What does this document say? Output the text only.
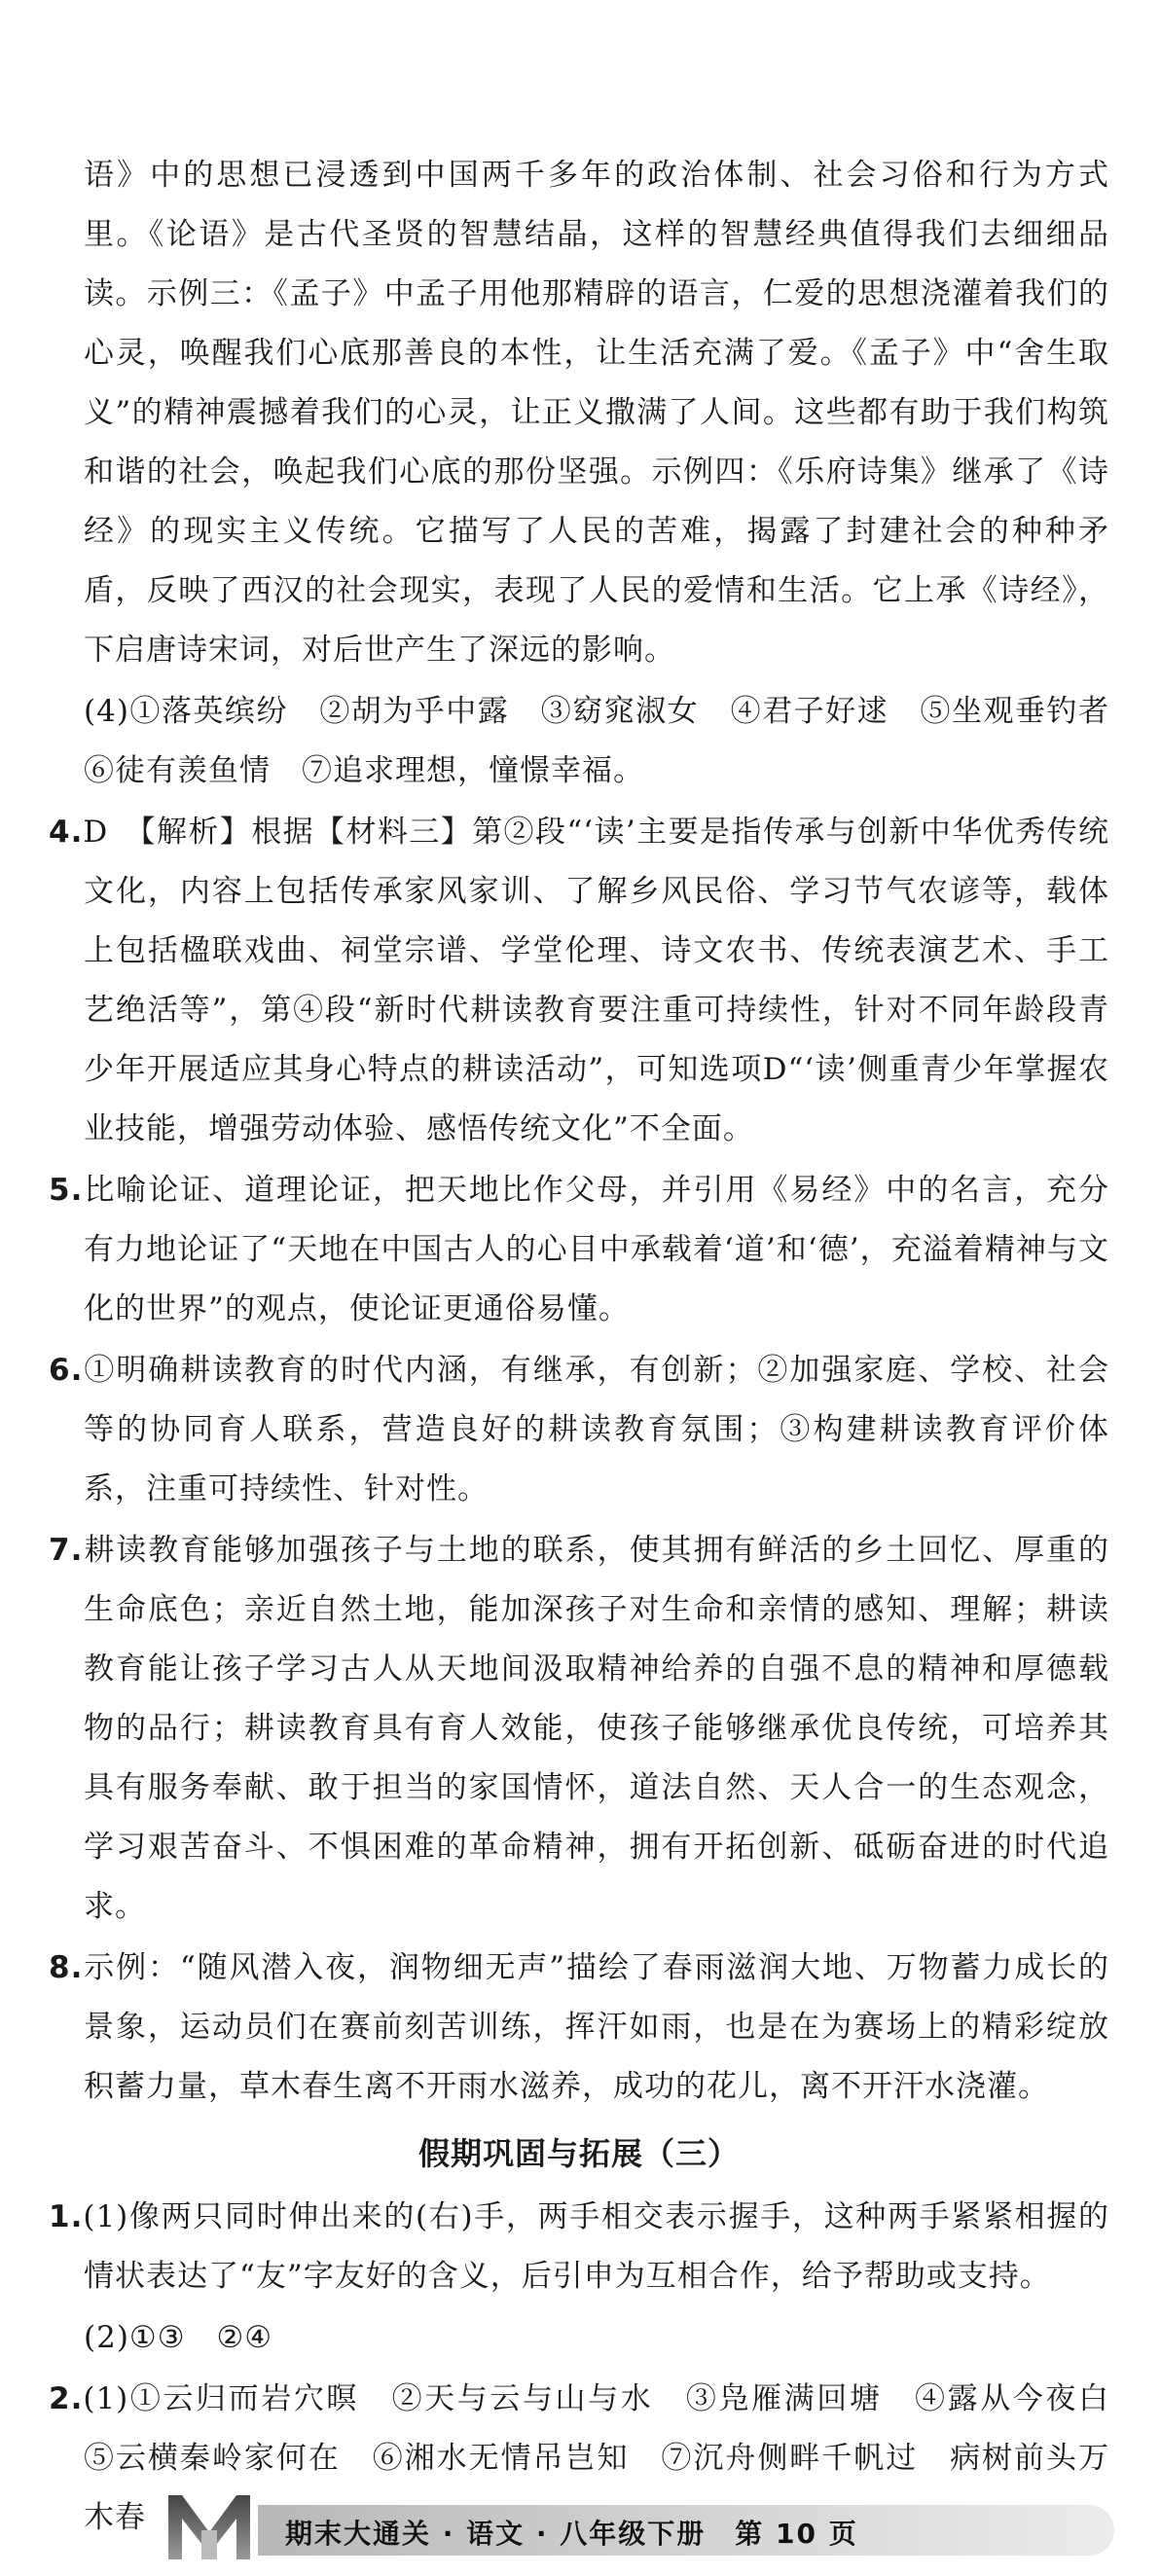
语》中的思想已浸透到中国两千多年的政治体制、社会习俗和行为方式里。《论语》是古代圣贤的智慧结晶，这样的智慧经典值得我们去细细品读。示例三：《孟子》中孟子用他那精辟的语言，仁爱的思想浇灌着我们的心灵，唤醒我们心底那善良的本性，让生活充满了爱。《孟子》中“舍生取义”的精神震撼着我们的心灵，让正义撒满了人间。这些都有助于我们构筑和谐的社会，唤起我们心底的那份坚强。示例四：《乐府诗集》继承了《诗经》的现实主义传统。它描写了人民的苦难，揭露了封建社会的种种矛盾，反映了西汉的社会现实，表现了人民的爱情和生活。它上承《诗经》，下启唐诗宋词，对后世产生了深远的影响。

(4)①落英缤纷　②胡为乎中露　③窈窕淑女　④君子好逑　⑤坐观垂钓者　⑥徒有羡鱼情　⑦追求理想，憧憬幸福。

4.D　【解析】根据【材料三】第②段“‘读’主要是指传承与创新中华优秀传统文化，内容上包括传承家风家训、了解乡风民俗、学习节气农谚等，载体上包括楹联戏曲、祠堂宗谱、学堂伦理、诗文农书、传统表演艺术、手工艺绝活等”，第④段“新时代耕读教育要注重可持续性，针对不同年龄段青少年开展适应其身心特点的耕读活动”，可知选项D“‘读’侧重青少年掌握农业技能，增强劳动体验、感悟传统文化”不全面。

5.比喻论证、道理论证，把天地比作父母，并引用《易经》中的名言，充分有力地论证了“天地在中国古人的心目中承载着‘道’和‘德’，充溢着精神与文化的世界”的观点，使论证更通俗易懂。

6.①明确耕读教育的时代内涵，有继承，有创新；②加强家庭、学校、社会等的协同育人联系，营造良好的耕读教育氛围；③构建耕读教育评价体系，注重可持续性、针对性。

7.耕读教育能够加强孩子与土地的联系，使其拥有鲜活的乡土回忆、厚重的生命底色；亲近自然土地，能加深孩子对生命和亲情的感知、理解；耕读教育能让孩子学习古人从天地间汲取精神给养的自强不息的精神和厚德载物的品行；耕读教育具有育人效能，使孩子能够继承优良传统，可培养其具有服务奉献、敢于担当的家国情怀，道法自然、天人合一的生态观念，学习艰苦奋斗、不惧困难的革命精神，拥有开拓创新、砥砺奋进的时代追求。

8.示例：“随风潜入夜，润物细无声”描绘了春雨滋润大地、万物蓄力成长的景象，运动员们在赛前刻苦训练，挥汗如雨，也是在为赛场上的精彩绽放积蓄力量，草木春生离不开雨水滋养，成功的花儿，离不开汗水浇灌。

假期巩固与拓展（三）

1.(1)像两只同时伸出来的(右)手，两手相交表示握手，这种两手紧紧相握的情状表达了“友”字友好的含义，后引申为互相合作，给予帮助或支持。

(2)①③　②④

2.(1)①云归而岩穴暝　②天与云与山与水　③凫雁满回塘　④露从今夜白　⑤云横秦岭家何在　⑥湘水无情吊岂知　⑦沉舟侧畔千帆过　病树前头万木春	期末大通关 · 语文 · 八年级下册　第 10 页
